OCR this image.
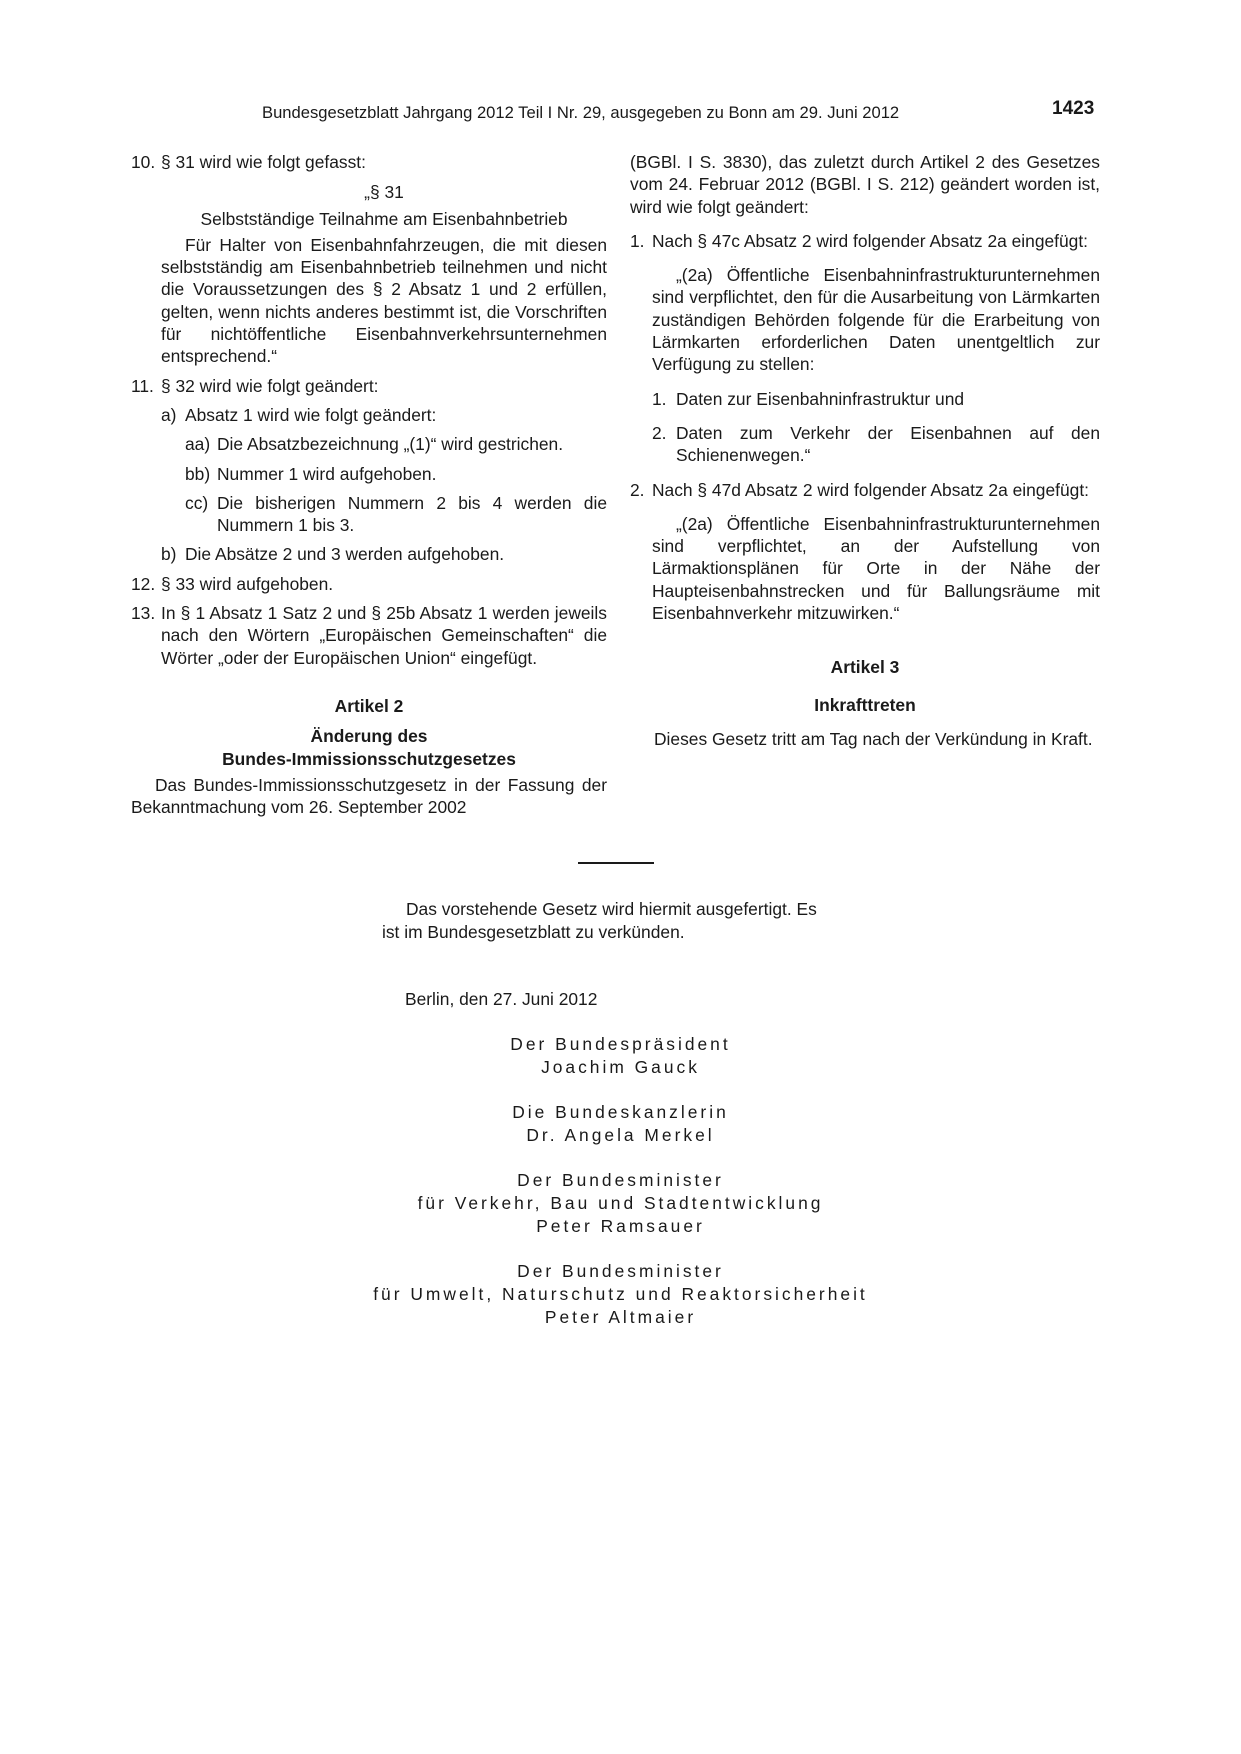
Bundesgesetzblatt Jahrgang 2012 Teil I Nr. 29, ausgegeben zu Bonn am 29. Juni 2012	1423
10. § 31 wird wie folgt gefasst:

„§ 31

Selbstständige Teilnahme am Eisenbahnbetrieb

Für Halter von Eisenbahnfahrzeugen, die mit diesen selbstständig am Eisenbahnbetrieb teilnehmen und nicht die Voraussetzungen des § 2 Absatz 1 und 2 erfüllen, gelten, wenn nichts anderes bestimmt ist, die Vorschriften für nichtöffentliche Eisenbahnverkehrsunternehmen entsprechend.“

11. § 32 wird wie folgt geändert:
a) Absatz 1 wird wie folgt geändert:
aa) Die Absatzbezeichnung „(1)“ wird gestrichen.
bb) Nummer 1 wird aufgehoben.
cc) Die bisherigen Nummern 2 bis 4 werden die Nummern 1 bis 3.
b) Die Absätze 2 und 3 werden aufgehoben.
12. § 33 wird aufgehoben.
13. In § 1 Absatz 1 Satz 2 und § 25b Absatz 1 werden jeweils nach den Wörtern „Europäischen Gemeinschaften“ die Wörter „oder der Europäischen Union“ eingefügt.

Artikel 2

Änderung des

Bundes-Immissionsschutzgesetzes

Das Bundes-Immissionsschutzgesetz in der Fassung der Bekanntmachung vom 26. September 2002

(BGBl. I S. 3830), das zuletzt durch Artikel 2 des Gesetzes vom 24. Februar 2012 (BGBl. I S. 212) geändert worden ist, wird wie folgt geändert:

1. Nach § 47c Absatz 2 wird folgender Absatz 2a eingefügt:

„(2a) Öffentliche Eisenbahninfrastrukturunternehmen sind verpflichtet, den für die Ausarbeitung von Lärmkarten zuständigen Behörden folgende für die Erarbeitung von Lärmkarten erforderlichen Daten unentgeltlich zur Verfügung zu stellen:

1. Daten zur Eisenbahninfrastruktur und
2. Daten zum Verkehr der Eisenbahnen auf den Schienenwegen.“
2. Nach § 47d Absatz 2 wird folgender Absatz 2a eingefügt:

„(2a) Öffentliche Eisenbahninfrastrukturunternehmen sind verpflichtet, an der Aufstellung von Lärmaktionsplänen für Orte in der Nähe der Haupteisenbahnstrecken und für Ballungsräume mit Eisenbahnverkehr mitzuwirken.“

Artikel 3

Inkrafttreten

Dieses Gesetz tritt am Tag nach der Verkündung in Kraft.

Das vorstehende Gesetz wird hiermit ausgefertigt. Es
ist im Bundesgesetzblatt zu verkünden.
Berlin, den 27. Juni 2012
Der Bundespräsident
Joachim Gauck
Die Bundeskanzlerin
Dr. Angela Merkel
Der Bundesminister
für Verkehr, Bau und Stadtentwicklung
Peter Ramsauer
Der Bundesminister
für Umwelt, Naturschutz und Reaktorsicherheit
Peter Altmaier
